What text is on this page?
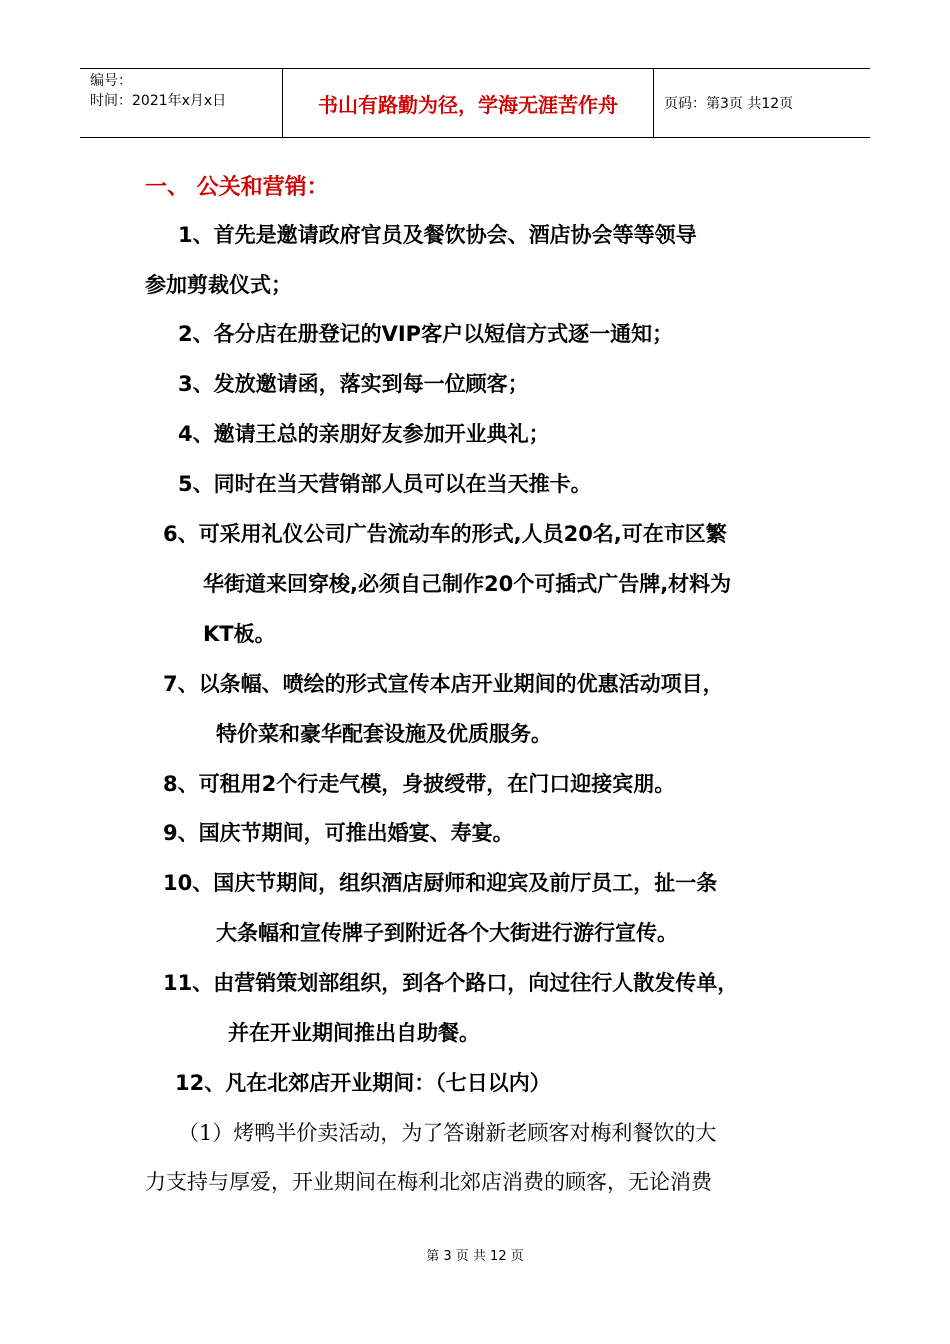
编号：
时间：2021年x月x日	书山有路勤为径，学海无涯苦作舟	页码：第3页 共12页
一、 公关和营销：
1、首先是邀请政府官员及餐饮协会、酒店协会等等领导
参加剪裁仪式；
2、各分店在册登记的VIP客户以短信方式逐一通知；
3、发放邀请函，落实到每一位顾客；
4、邀请王总的亲朋好友参加开业典礼；
5、同时在当天营销部人员可以在当天推卡。
6、可采用礼仪公司广告流动车的形式,人员20名,可在市区繁
华街道来回穿梭,必须自己制作20个可插式广告牌,材料为
KT板。
7、以条幅、喷绘的形式宣传本店开业期间的优惠活动项目，
特价菜和豪华配套设施及优质服务。
8、可租用2个行走气模，身披绶带，在门口迎接宾朋。
9、国庆节期间，可推出婚宴、寿宴。
10、国庆节期间，组织酒店厨师和迎宾及前厅员工，扯一条
大条幅和宣传牌子到附近各个大街进行游行宣传。
11、由营销策划部组织，到各个路口，向过往行人散发传单，
并在开业期间推出自助餐。
12、凡在北郊店开业期间：（七日以内）
（1）烤鸭半价卖活动，为了答谢新老顾客对梅利餐饮的大
力支持与厚爱，开业期间在梅利北郊店消费的顾客，无论消费
第 3 页 共 12 页
